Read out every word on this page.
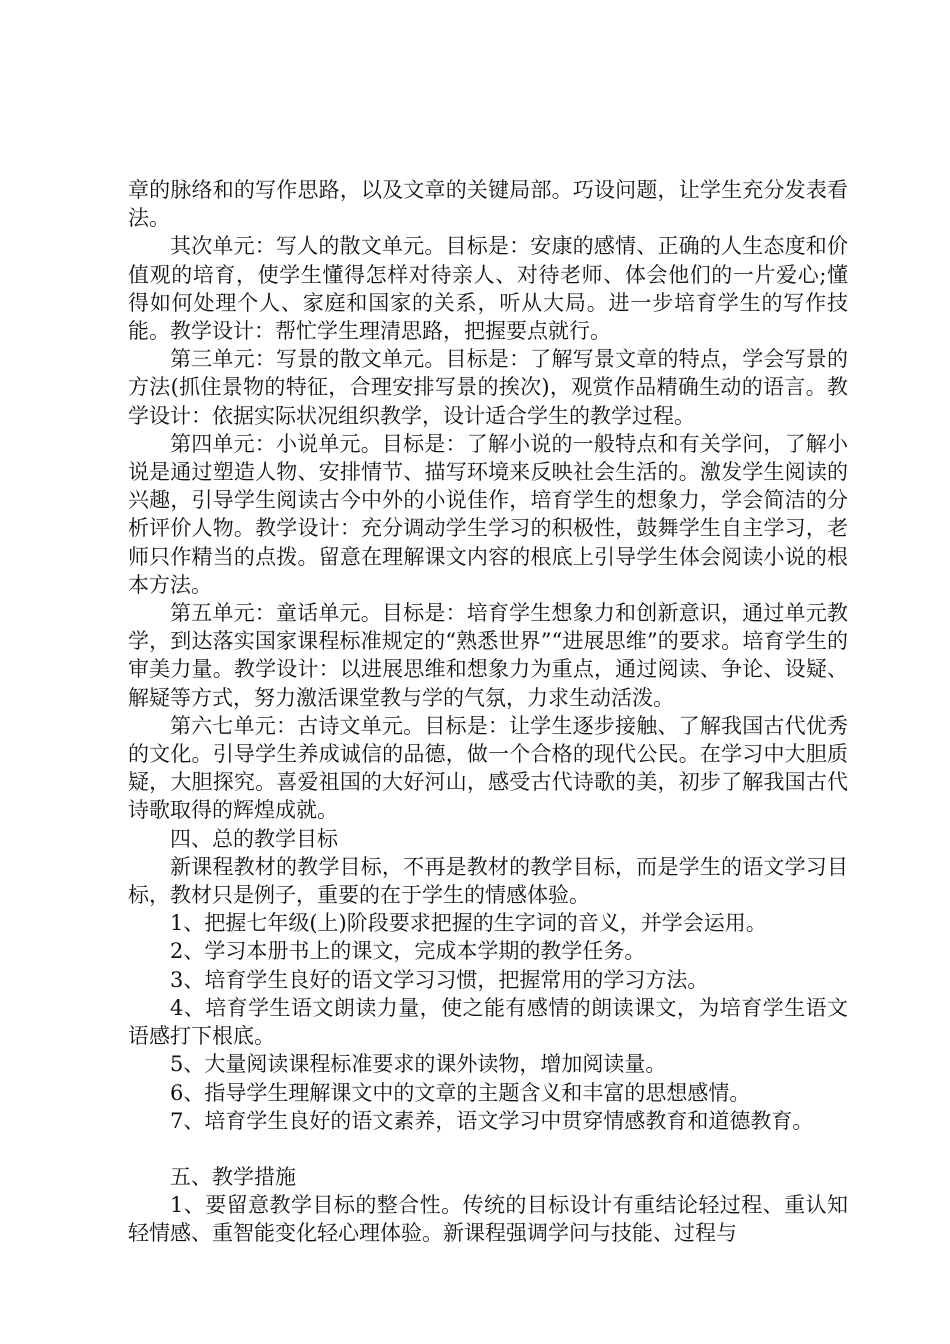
章的脉络和的写作思路，以及文章的关键局部。巧设问题，让学生充分发表看法。

其次单元：写人的散文单元。目标是：安康的感情、正确的人生态度和价值观的培育，使学生懂得怎样对待亲人、对待老师、体会他们的一片爱心;懂得如何处理个人、家庭和国家的关系，听从大局。进一步培育学生的写作技能。教学设计：帮忙学生理清思路，把握要点就行。

第三单元：写景的散文单元。目标是：了解写景文章的特点，学会写景的方法(抓住景物的特征，合理安排写景的挨次)，观赏作品精确生动的语言。教学设计：依据实际状况组织教学，设计适合学生的教学过程。

第四单元：小说单元。目标是：了解小说的一般特点和有关学问，了解小说是通过塑造人物、安排情节、描写环境来反映社会生活的。激发学生阅读的兴趣，引导学生阅读古今中外的小说佳作，培育学生的想象力，学会简洁的分析评价人物。教学设计：充分调动学生学习的积极性，鼓舞学生自主学习，老师只作精当的点拨。留意在理解课文内容的根底上引导学生体会阅读小说的根本方法。

第五单元：童话单元。目标是：培育学生想象力和创新意识，通过单元教学，到达落实国家课程标准规定的“熟悉世界”“进展思维”的要求。培育学生的审美力量。教学设计：以进展思维和想象力为重点，通过阅读、争论、设疑、解疑等方式，努力激活课堂教与学的气氛，力求生动活泼。

第六七单元：古诗文单元。目标是：让学生逐步接触、了解我国古代优秀的文化。引导学生养成诚信的品德，做一个合格的现代公民。在学习中大胆质疑，大胆探究。喜爱祖国的大好河山，感受古代诗歌的美，初步了解我国古代诗歌取得的辉煌成就。

四、总的教学目标

新课程教材的教学目标，不再是教材的教学目标，而是学生的语文学习目标，教材只是例子，重要的在于学生的情感体验。

1、把握七年级(上)阶段要求把握的生字词的音义，并学会运用。

2、学习本册书上的课文，完成本学期的教学任务。

3、培育学生良好的语文学习习惯，把握常用的学习方法。

4、培育学生语文朗读力量，使之能有感情的朗读课文，为培育学生语文语感打下根底。

5、大量阅读课程标准要求的课外读物，增加阅读量。

6、指导学生理解课文中的文章的主题含义和丰富的思想感情。

7、培育学生良好的语文素养，语文学习中贯穿情感教育和道德教育。

五、教学措施

1、要留意教学目标的整合性。传统的目标设计有重结论轻过程、重认知轻情感、重智能变化轻心理体验。新课程强调学问与技能、过程与
